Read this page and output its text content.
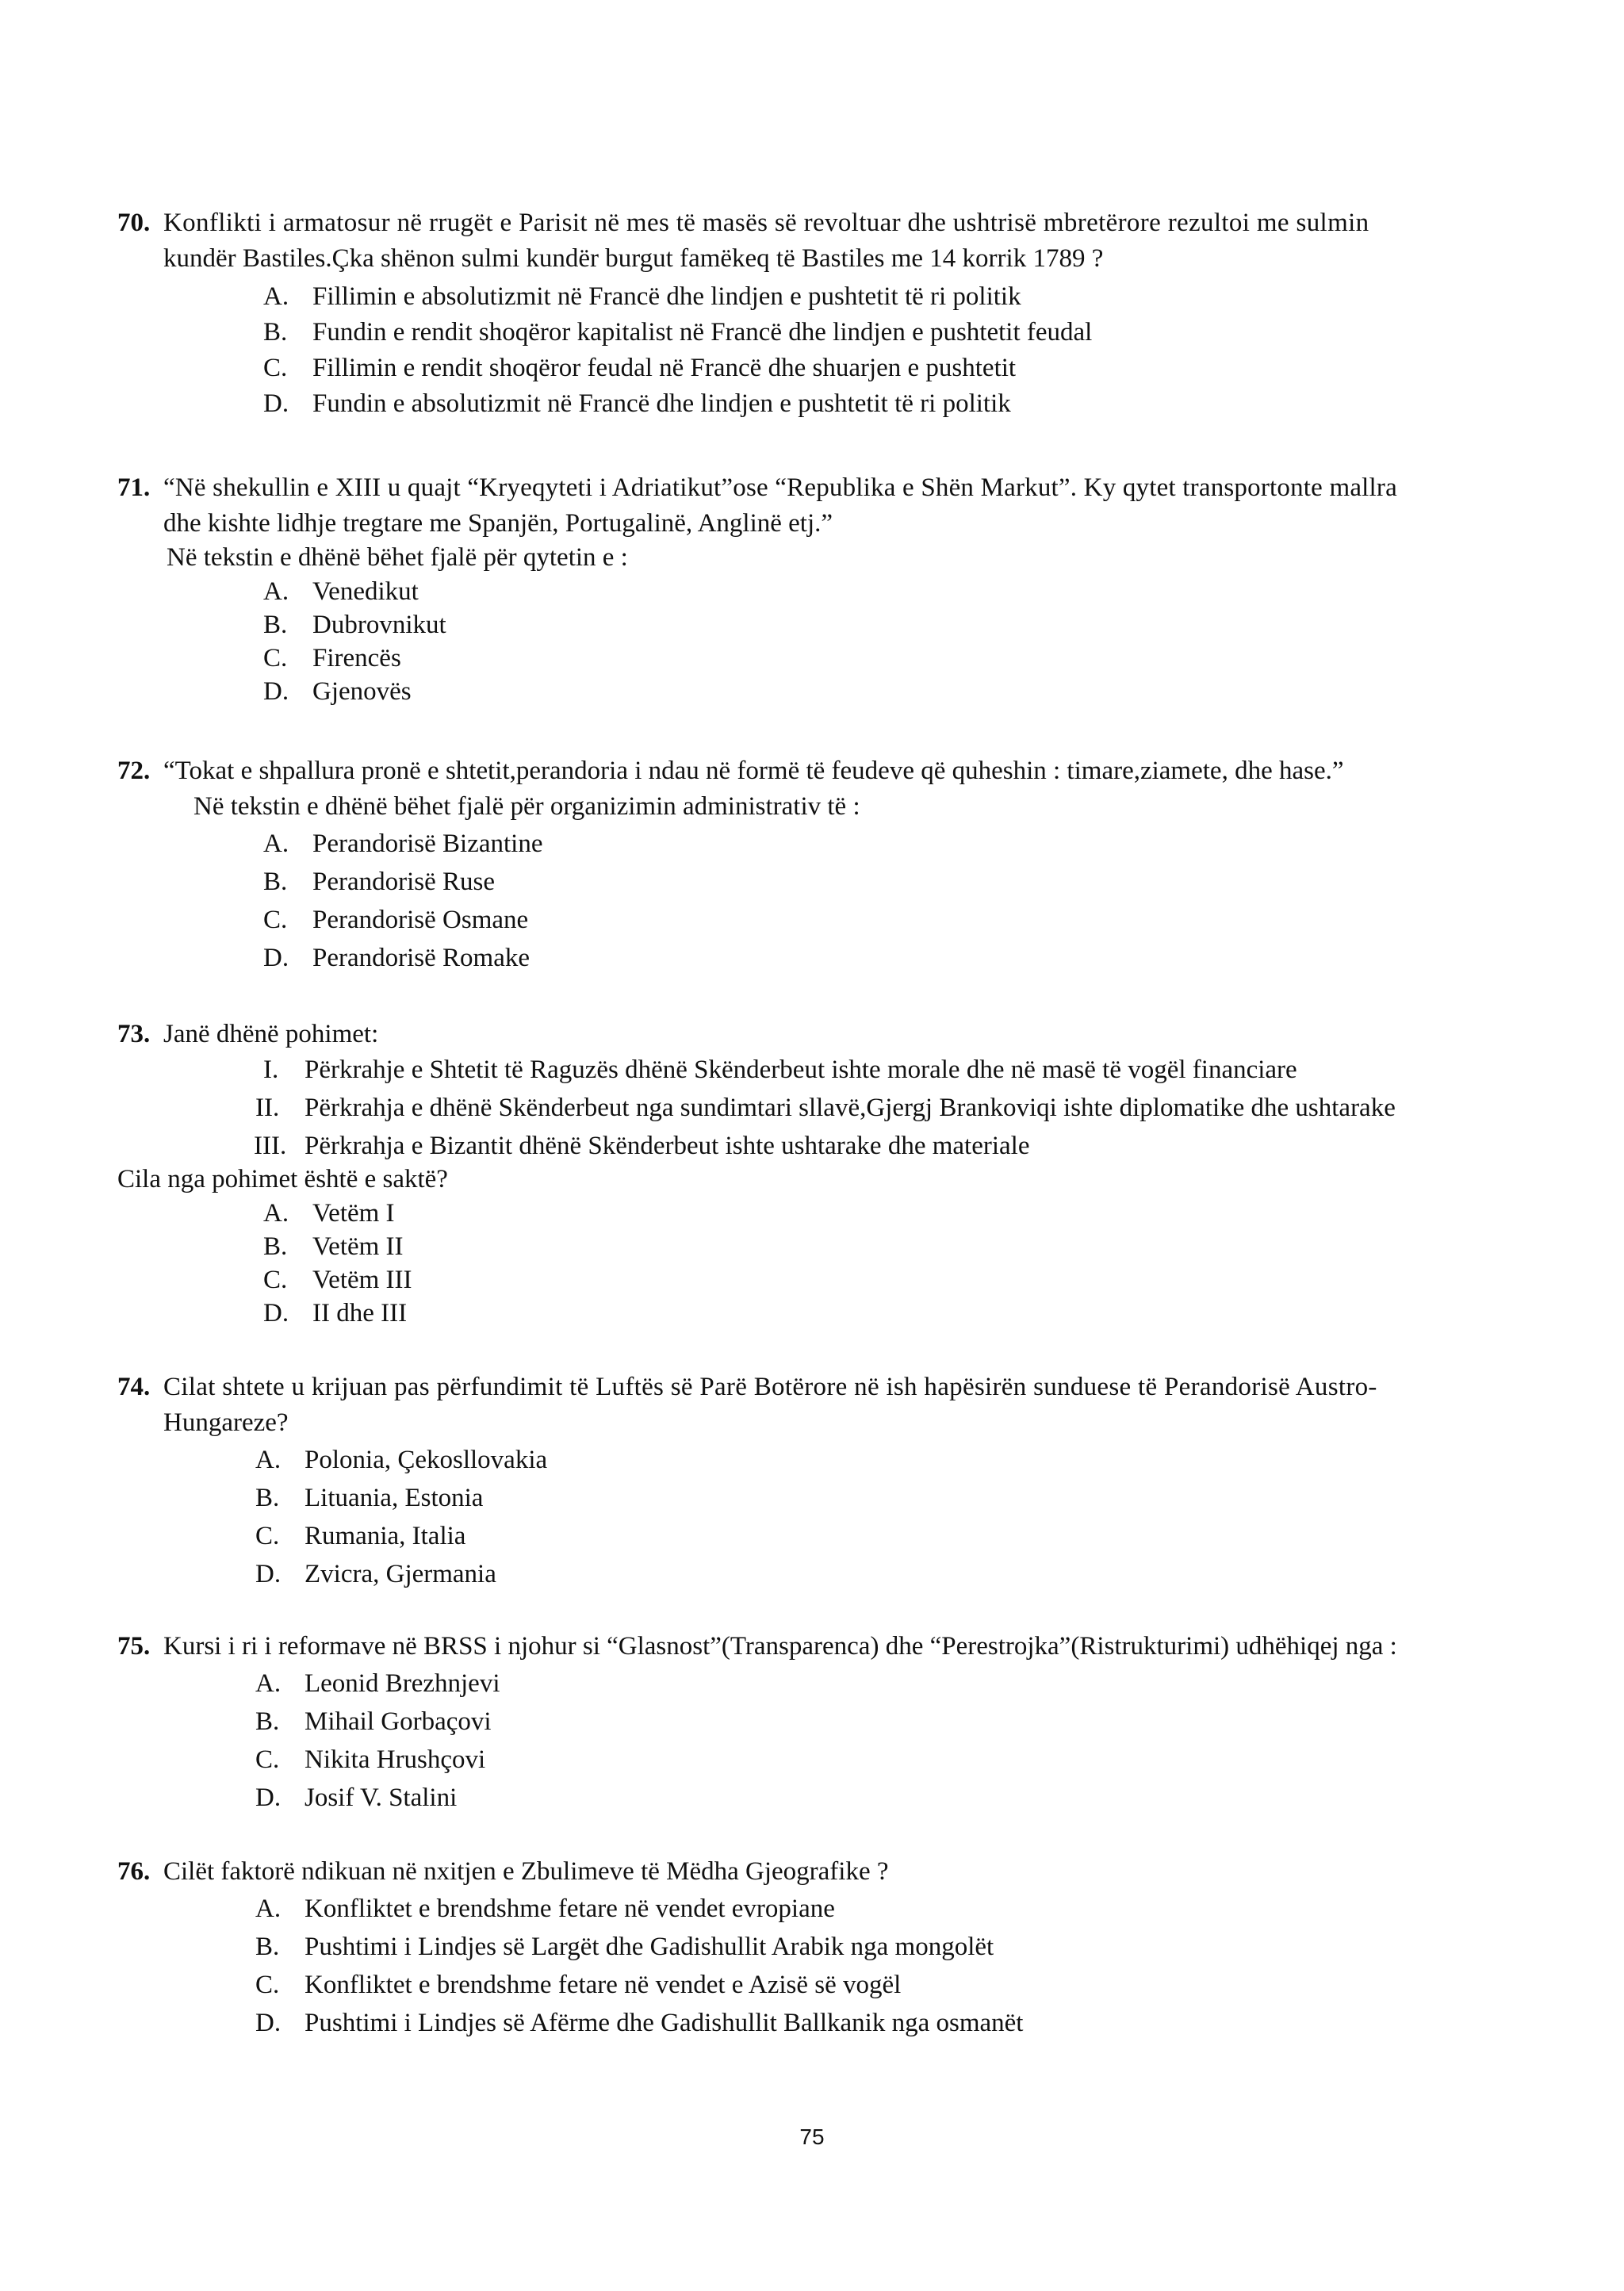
70. Konflikti i armatosur në rrugët e Parisit në mes të masës së revoltuar dhe ushtrisë mbretërore rezultoi me sulmin
kundër Bastiles.Çka shënon sulmi kundër burgut famëkeq të Bastiles me 14 korrik 1789 ?
A. Fillimin e absolutizmit në Francë dhe lindjen e pushtetit të ri politik
B. Fundin e rendit shoqëror kapitalist në Francë dhe lindjen e pushtetit feudal
C. Fillimin e rendit shoqëror feudal në Francë dhe shuarjen e pushtetit
D. Fundin e absolutizmit në Francë dhe lindjen e pushtetit të ri politik
71. “Në shekullin e XIII u quajt “Kryeqyteti i Adriatikut”ose “Republika e Shën Markut”. Ky qytet transportonte mallra
dhe kishte lidhje tregtare me Spanjën, Portugalinë, Anglinë etj.”
Në tekstin e dhënë bëhet fjalë për qytetin e :
A. Venedikut
B. Dubrovnikut
C. Firencës
D. Gjenovës
72. “Tokat e shpallura pronë e shtetit,perandoria i ndau në formë të feudeve që quheshin : timare,ziamete, dhe hase.”
Në tekstin e dhënë bëhet fjalë për organizimin administrativ të :
A. Perandorisë Bizantine
B. Perandorisë Ruse
C. Perandorisë Osmane
D. Perandorisë Romake
73. Janë dhënë pohimet:
I. Përkrahje e Shtetit të Raguzës dhënë Skënderbeut ishte morale dhe në masë të vogël financiare
II. Përkrahja e dhënë Skënderbeut nga sundimtari sllavë,Gjergj Brankoviqi ishte diplomatike dhe ushtarake
III. Përkrahja e Bizantit dhënë Skënderbeut ishte ushtarake dhe materiale
Cila nga pohimet është e saktë?
A. Vetëm I
B. Vetëm II
C. Vetëm III
D. II dhe III
74. Cilat shtete u krijuan pas përfundimit të Luftës së Parë Botërore në ish hapësirën sunduese të Perandorisë Austro-
Hungareze?
A. Polonia, Çekosllovakia
B. Lituania, Estonia
C. Rumania, Italia
D. Zvicra, Gjermania
75. Kursi i ri i reformave në BRSS i njohur si “Glasnost”(Transparenca) dhe “Perestrojka”(Ristrukturimi) udhëhiqej nga :
A. Leonid Brezhnjevi
B. Mihail Gorbaçovi
C. Nikita Hrushçovi
D. Josif V. Stalini
76. Cilët faktorë ndikuan në nxitjen e Zbulimeve të Mëdha Gjeografike ?
A. Konfliktet e brendshme fetare në vendet evropiane
B. Pushtimi i Lindjes së Largët dhe Gadishullit Arabik nga mongolët
C. Konfliktet e brendshme fetare në vendet e Azisë së vogël
D. Pushtimi i Lindjes së Afërme dhe Gadishullit Ballkanik nga osmanët
75
